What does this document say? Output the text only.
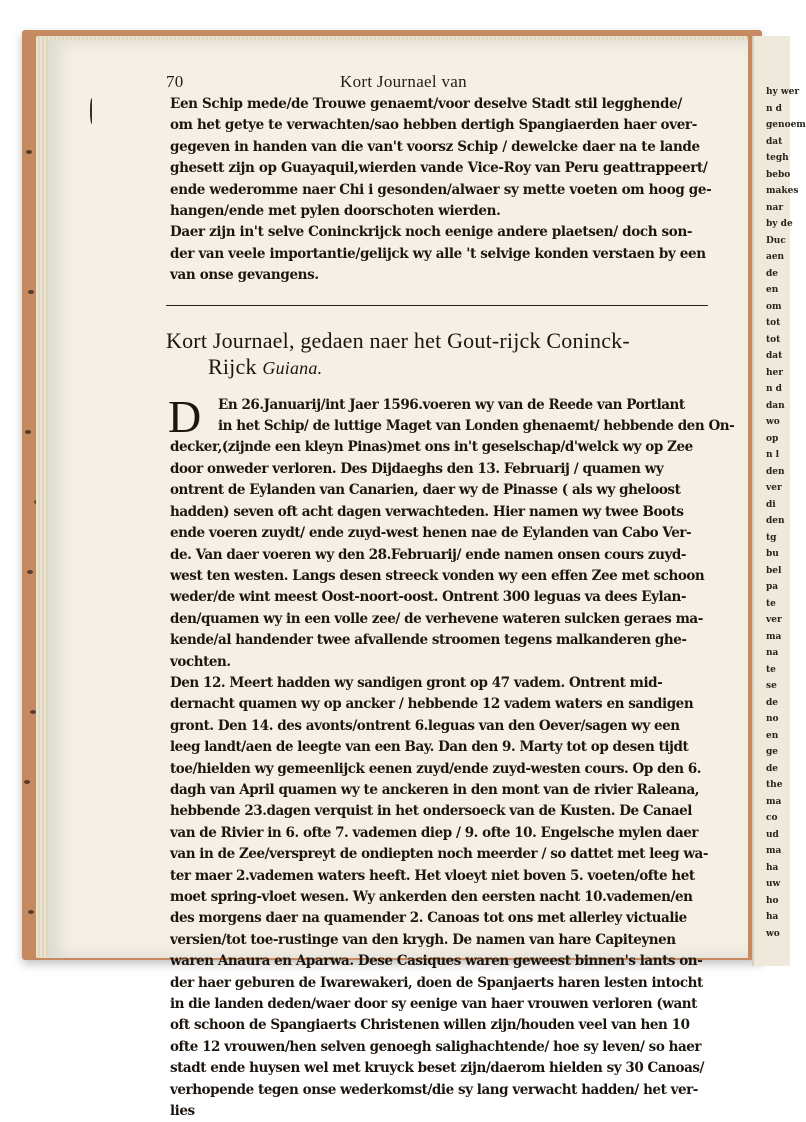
hy wer
n d
genoem
dat
tegh
bebo
makes
nar
by de
Duc
aen
de
en
om
tot
tot
dat
her
n d
dan
wo
op
n l
den
ver
di
den
tg
bu
bel
pa
te
ver
ma
na
te
se
de
no
en
ge
de
the
ma
co
ud
ma
ha
uw
ho
ha
wo
70	Kort Journael van
Een Schip mede/de Trouwe genaemt/voor deselve Stadt stil legghende/
om het getye te verwachten/sao hebben dertigh Spangiaerden haer over-
gegeven in handen van die van't voorsz Schip / dewelcke daer na te lande
ghesett zijn op Guayaquil,wierden vande Vice-Roy van Peru geattrappeert/
ende wederomme naer Chi i gesonden/alwaer sy mette voeten om hoog ge-
hangen/ende met pylen doorschoten wierden.
Daer zijn in't selve Coninckrijck noch eenige andere plaetsen/ doch son-
der van veele importantie/gelijck wy alle 't selvige konden verstaen by een
van onse gevangens.
Kort Journael, gedaen naer het Gout-rijck Coninck-
Rijck Guiana.
D	En 26.Januarij/int Jaer 1596.voeren wy van de Reede van Portlant
in het Schip/ de luttige Maget van Londen ghenaemt/ hebbende den On-
decker,(zijnde een kleyn Pinas)met ons in't geselschap/d'welck wy op Zee
door onweder verloren. Des Dijdaeghs den 13. Februarij / quamen wy
ontrent de Eylanden van Canarien, daer wy de Pinasse ( als wy gheloost
hadden) seven oft acht dagen verwachteden. Hier namen wy twee Boots
ende voeren zuydt/ ende zuyd-west henen nae de Eylanden van Cabo Ver-
de. Van daer voeren wy den 28.Februarij/ ende namen onsen cours zuyd-
west ten westen. Langs desen streeck vonden wy een effen Zee met schoon
weder/de wint meest Oost-noort-oost. Ontrent 300 leguas va dees Eylan-
den/quamen wy in een volle zee/ de verhevene wateren sulcken geraes ma-
kende/al handender twee afvallende stroomen tegens malkanderen ghe-
vochten.
Den 12. Meert hadden wy sandigen gront op 47 vadem. Ontrent mid-
dernacht quamen wy op ancker / hebbende 12 vadem waters en sandigen
gront. Den 14. des avonts/ontrent 6.leguas van den Oever/sagen wy een
leeg landt/aen de leegte van een Bay. Dan den 9. Marty tot op desen tijdt
toe/hielden wy gemeenlijck eenen zuyd/ende zuyd-westen cours. Op den 6.
dagh van April quamen wy te anckeren in den mont van de rivier Raleana,
hebbende 23.dagen verquist in het ondersoeck van de Kusten. De Canael
van de Rivier in 6. ofte 7. vademen diep / 9. ofte 10. Engelsche mylen daer
van in de Zee/verspreyt de ondiepten noch meerder / so dattet met leeg wa-
ter maer 2.vademen waters heeft. Het vloeyt niet boven 5. voeten/ofte het
moet spring-vloet wesen. Wy ankerden den eersten nacht 10.vademen/en
des morgens daer na quamender 2. Canoas tot ons met allerley victualie
versien/tot toe-rustinge van den krygh. De namen van hare Capiteynen
waren Anaura en Aparwa. Dese Casiques waren geweest binnen's lants on-
der haer geburen de Iwarewakeri, doen de Spanjaerts haren lesten intocht
in die landen deden/waer door sy eenige van haer vrouwen verloren (want
oft schoon de Spangiaerts Christenen willen zijn/houden veel van hen 10
ofte 12 vrouwen/hen selven genoegh salighachtende/ hoe sy leven/ so haer
stadt ende huysen wel met kruyck beset zijn/daerom hielden sy 30 Canoas/
verhopende tegen onse wederkomst/die sy lang verwacht hadden/ het ver-
lies
